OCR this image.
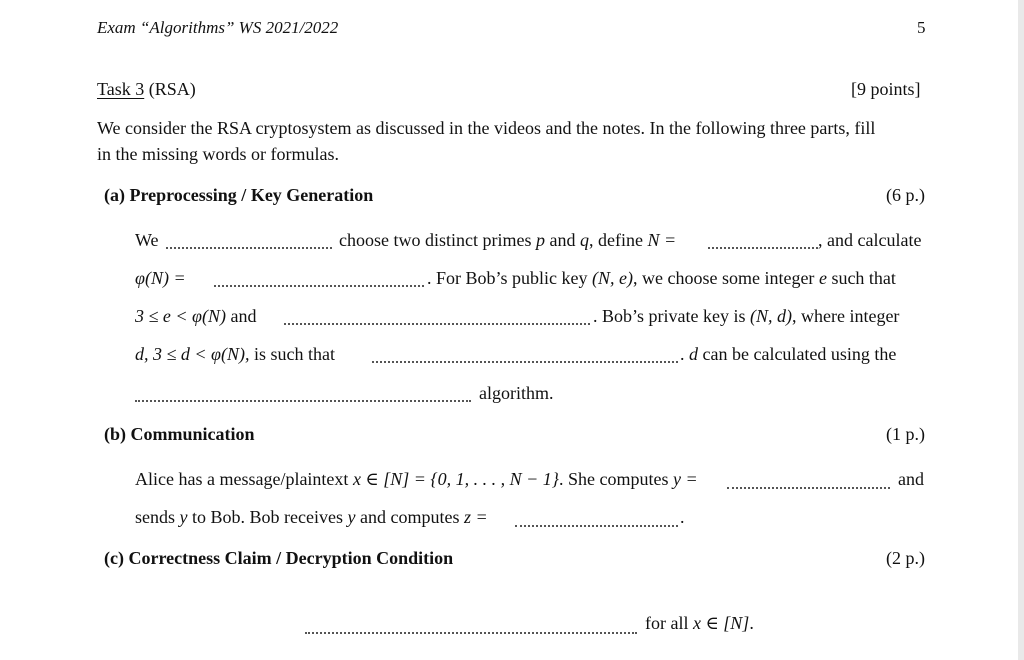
Exam “Algorithms” WS 2021/2022	5
Task 3 (RSA)	[9 points]
We consider the RSA cryptosystem as discussed in the videos and the notes. In the following three parts, fill
in the missing words or formulas.
(a) Preprocessing / Key Generation	(6 p.)
We	choose two distinct primes p and q, define N =	, and calculate
φ(N) =	. For Bob’s public key (N, e), we choose some integer e such that
3 ≤ e < φ(N) and	. Bob’s private key is (N, d), where integer
d, 3 ≤ d < φ(N), is such that	. d can be calculated using the
algorithm.
(b) Communication	(1 p.)
Alice has a message/plaintext x ∈ [N] = {0, 1, . . . , N − 1}. She computes y =	and
sends y to Bob. Bob receives y and computes z =	.
(c) Correctness Claim / Decryption Condition	(2 p.)
for all x ∈ [N].
